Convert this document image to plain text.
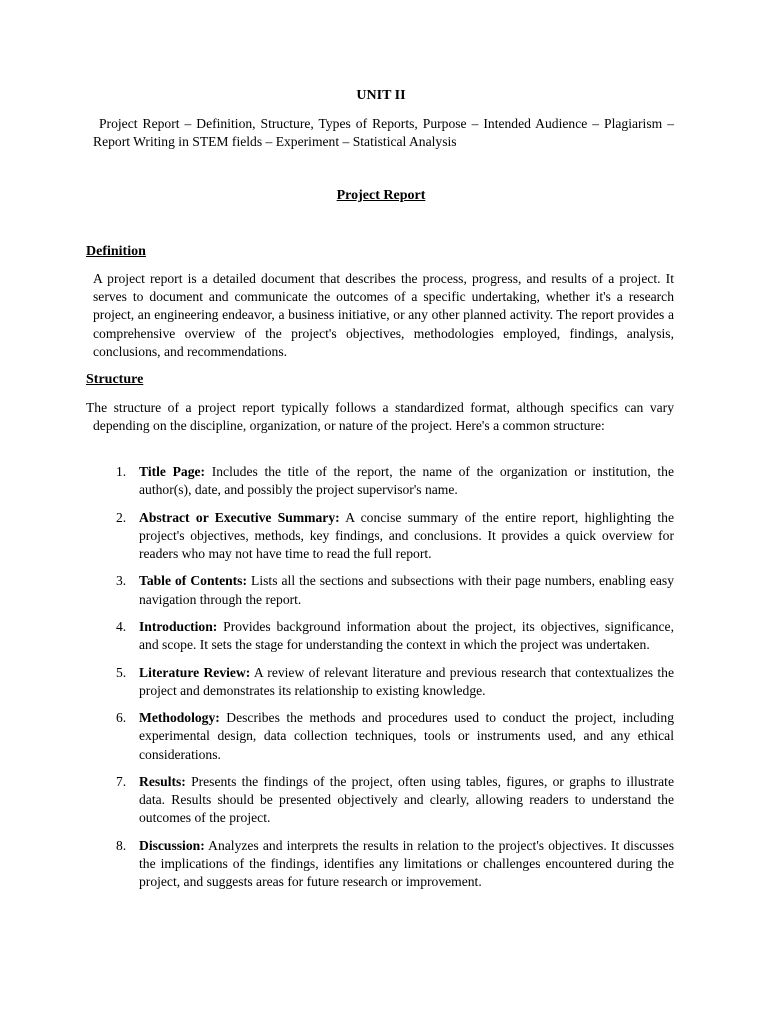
UNIT II
Project Report – Definition, Structure, Types of Reports, Purpose – Intended Audience – Plagiarism – Report Writing in STEM fields – Experiment – Statistical Analysis
Project Report
Definition
A project report is a detailed document that describes the process, progress, and results of a project. It serves to document and communicate the outcomes of a specific undertaking, whether it's a research project, an engineering endeavor, a business initiative, or any other planned activity. The report provides a comprehensive overview of the project's objectives, methodologies employed, findings, analysis, conclusions, and recommendations.
Structure
The structure of a project report typically follows a standardized format, although specifics can vary depending on the discipline, organization, or nature of the project. Here's a common structure:
1. Title Page: Includes the title of the report, the name of the organization or institution, the author(s), date, and possibly the project supervisor's name.
2. Abstract or Executive Summary: A concise summary of the entire report, highlighting the project's objectives, methods, key findings, and conclusions. It provides a quick overview for readers who may not have time to read the full report.
3. Table of Contents: Lists all the sections and subsections with their page numbers, enabling easy navigation through the report.
4. Introduction: Provides background information about the project, its objectives, significance, and scope. It sets the stage for understanding the context in which the project was undertaken.
5. Literature Review: A review of relevant literature and previous research that contextualizes the project and demonstrates its relationship to existing knowledge.
6. Methodology: Describes the methods and procedures used to conduct the project, including experimental design, data collection techniques, tools or instruments used, and any ethical considerations.
7. Results: Presents the findings of the project, often using tables, figures, or graphs to illustrate data. Results should be presented objectively and clearly, allowing readers to understand the outcomes of the project.
8. Discussion: Analyzes and interprets the results in relation to the project's objectives. It discusses the implications of the findings, identifies any limitations or challenges encountered during the project, and suggests areas for future research or improvement.
